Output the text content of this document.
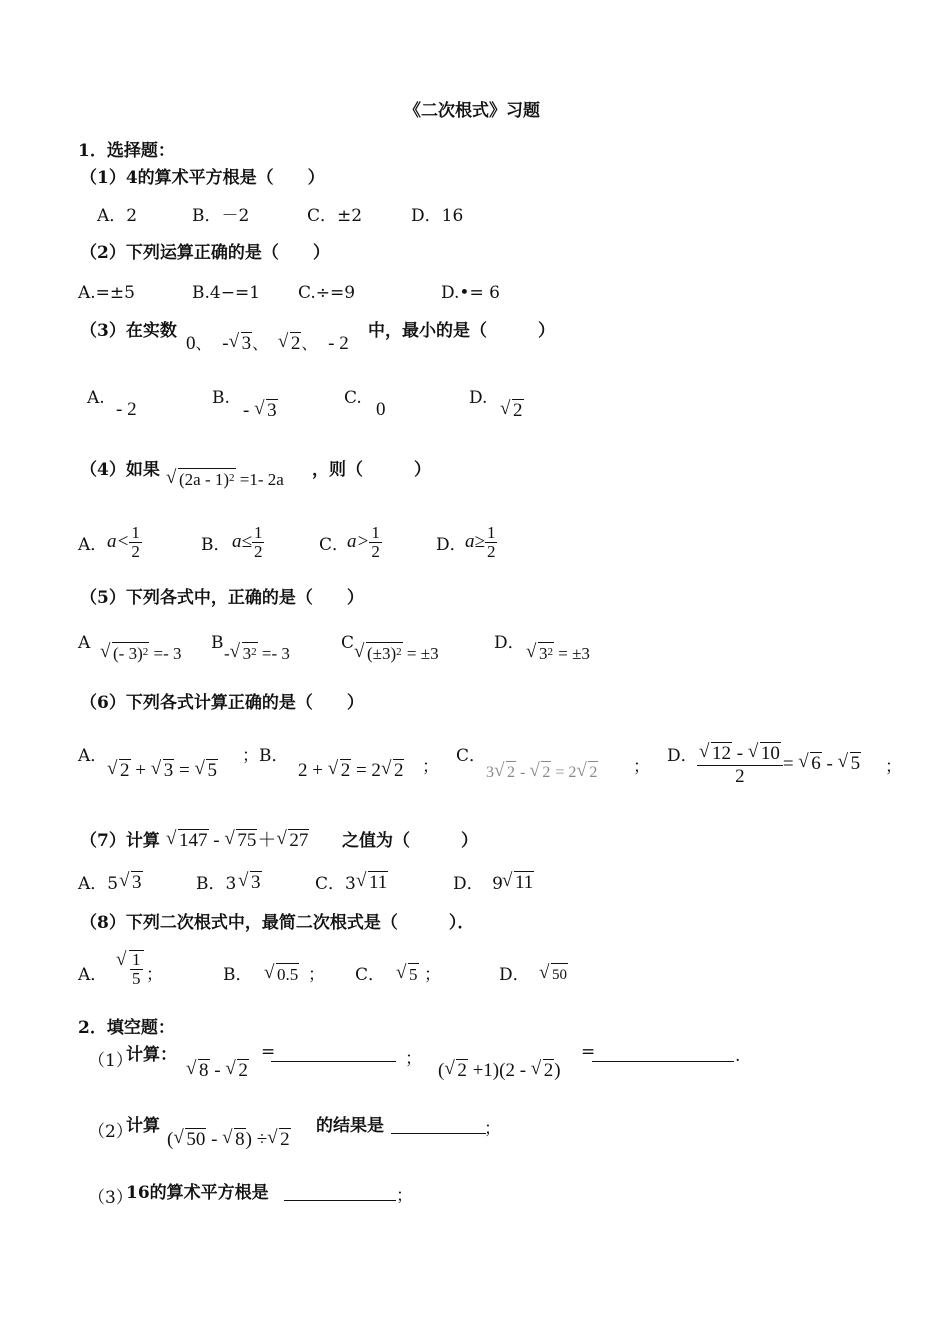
《二次根式》习题
1．选择题：
（1）4的算术平方根是（　　）
A．2	B．－2	C．±2	D．16
（2）下列运算正确的是（　　）
A.=±5	B.4−=1 C.÷=9	D.•= 6
（3）在实数
0、 - √ 3、 √ 2、 - 2
中，最小的是（　　　）
A.
- 2
B.
- √ 3
C.
0
D.
√ 2
（4）如果	√ (2a - 1)$^2$ =1- 2a ，则（　　　）
A． $a< \frac{1}{2}$	B． $a\le \frac{1}{2}$	C．
$a> \frac{1}{2}$	D．
$a\ge \frac{1}{2}$
（5）下列各式中，正确的是（　　）
A
√ (- 3)$^2$ =- 3
B
- √ $3^2 =- 3$
C
√ $(\pm 3)^2 = \pm 3$
D．
√ $3^2 = \pm 3$
（6）下列各式计算正确的是（　　）
A．
√ 2 + √ 3 = √ 5
；B．
2 + √ 2 = 2 √ 2 ；
C．
3 √ 2 - √ 2 = 2 √ 2 ；
D． √ $\frac{12 - √ 10}{2}$ = √ 6 - √ 5 ；
（7）计算	√ 147 - √ 75＋ √ 27 之值为（　　　）
A．5 √ 3	B．3 √ 3	C．3 √ 11	D．　9 √ 11
（8）下列二次根式中，最简二次根式是（　　　）．
A． √ $\frac{1}{5}$ ；	B．	√ 0.5 ； C．	√ 5 ；	D．	√ 50
2．填空题：
（1）
计算：
√ 8 - √ 2
=	；
( √ 2 +1)(2 - √ 2)
=	.
（2）
计算
( √ 50 - √ 8) ÷ √ 2
的结果是	；
（3）
16的算术平方根是	；
